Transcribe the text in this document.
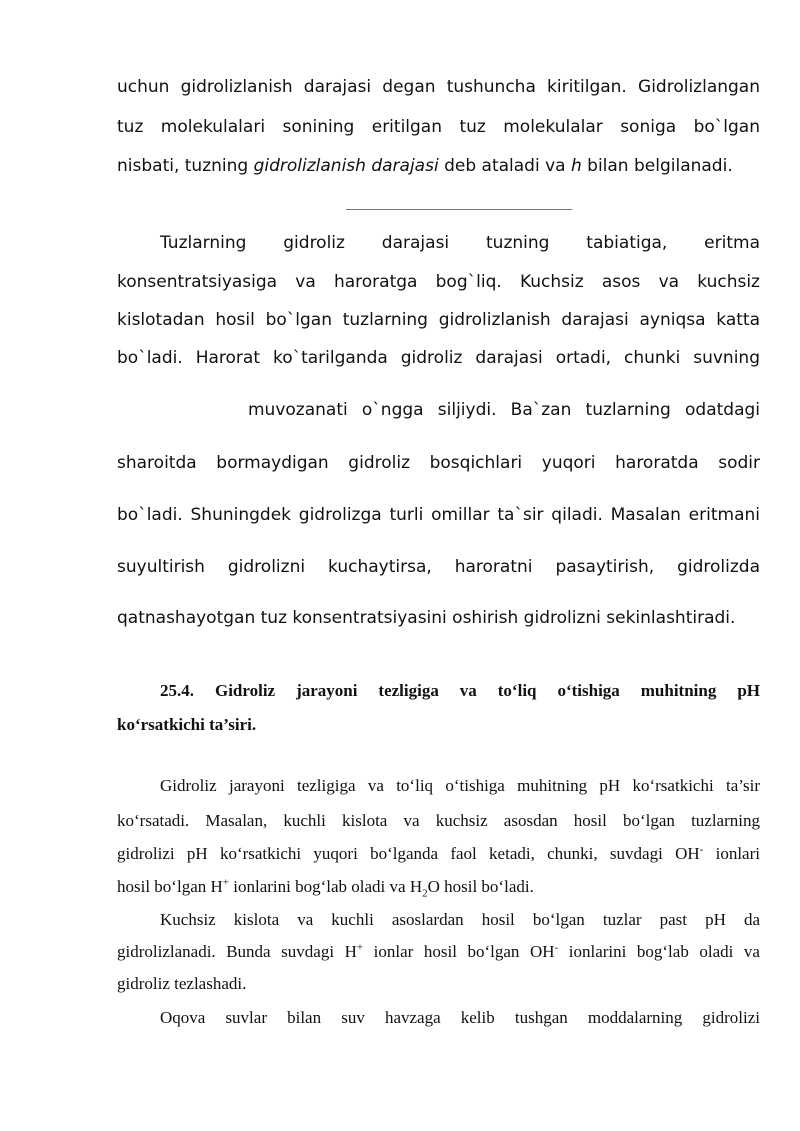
uchun gidrolizlanish darajasi degan tushuncha kiritilgan. Gidrolizlangan
tuz molekulalari sonining eritilgan tuz molekulalar soniga bo`lgan
nisbati, tuzning gidrolizlanish darajasi deb ataladi va h bilan belgilanadi.
Tuzlarning gidroliz darajasi tuzning tabiatiga, eritma
konsentratsiyasiga va haroratga bog`liq. Kuchsiz asos va kuchsiz
kislotadan hosil bo`lgan tuzlarning gidrolizlanish darajasi ayniqsa katta
bo`ladi. Harorat ko`tarilganda gidroliz darajasi ortadi, chunki suvning
muvozanati o`ngga siljiydi. Ba`zan tuzlarning odatdagi
sharoitda bormaydigan gidroliz bosqichlari yuqori haroratda sodir
bo`ladi. Shuningdek gidrolizga turli omillar ta`sir qiladi. Masalan eritmani
suyultirish gidrolizni kuchaytirsa, haroratni pasaytirish, gidrolizda
qatnashayotgan tuz konsentratsiyasini oshirish gidrolizni sekinlashtiradi.
25.4. Gidroliz jarayoni tezligiga va to‘liq o‘tishiga muhitning pH
ko‘rsatkichi ta’siri.
Gidroliz jarayoni tezligiga va to‘liq o‘tishiga muhitning pH ko‘rsatkichi ta’sir
ko‘rsatadi. Masalan, kuchli kislota va kuchsiz asosdan hosil bo‘lgan tuzlarning
gidrolizi pH ko‘rsatkichi yuqori bo‘lganda faol ketadi, chunki, suvdagi OH- ionlari
hosil bo‘lgan H+ ionlarini bog‘lab oladi va $H_2O$ hosil bo‘ladi.
Kuchsiz kislota va kuchli asoslardan hosil bo‘lgan tuzlar past pH da
gidrolizlanadi. Bunda suvdagi H+ ionlar hosil bo‘lgan OH- ionlarini bog‘lab oladi va
gidroliz tezlashadi.
Oqova suvlar bilan suv havzaga kelib tushgan moddalarning gidrolizi
